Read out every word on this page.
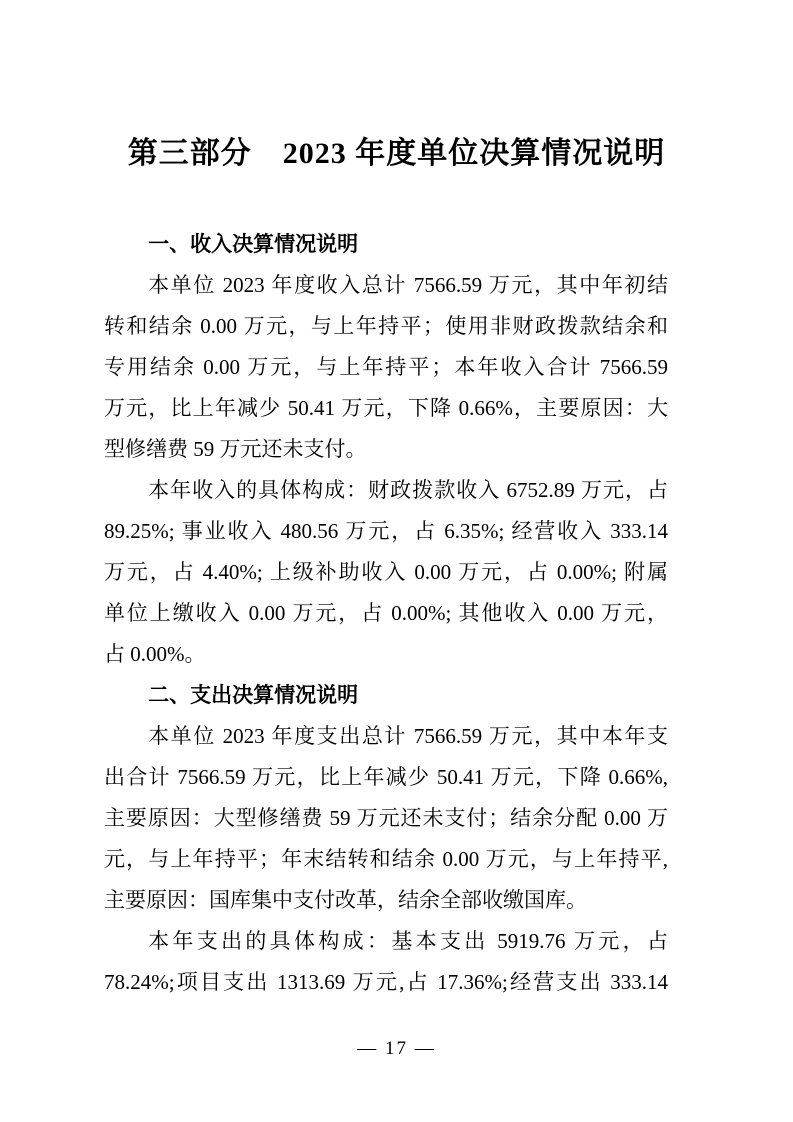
第三部分　2023 年度单位决算情况说明
一、收入决算情况说明
本单位 2023 年度收入总计 7566.59 万元，其中年初结
转和结余 0.00 万元，与上年持平；使用非财政拨款结余和
专用结余 0.00 万元，与上年持平；本年收入合计 7566.59
万元，比上年减少 50.41 万元，下降 0.66%，主要原因：大
型修缮费 59 万元还未支付。
本年收入的具体构成：财政拨款收入 6752.89 万元，占
89.25%; 事业收入 480.56 万元，占 6.35%; 经营收入 333.14
万元，占 4.40%; 上级补助收入 0.00 万元，占 0.00%; 附属
单位上缴收入 0.00 万元，占 0.00%; 其他收入 0.00 万元，
占 0.00%。
二、支出决算情况说明
本单位 2023 年度支出总计 7566.59 万元，其中本年支
出合计 7566.59 万元，比上年减少 50.41 万元，下降 0.66%,
主要原因：大型修缮费 59 万元还未支付；结余分配 0.00 万
元，与上年持平；年末结转和结余 0.00 万元，与上年持平,
主要原因：国库集中支付改革，结余全部收缴国库。
本年支出的具体构成：基本支出 5919.76 万元，占
78.24%;项目支出 1313.69 万元,占 17.36%;经营支出 333.14
— 17 —
